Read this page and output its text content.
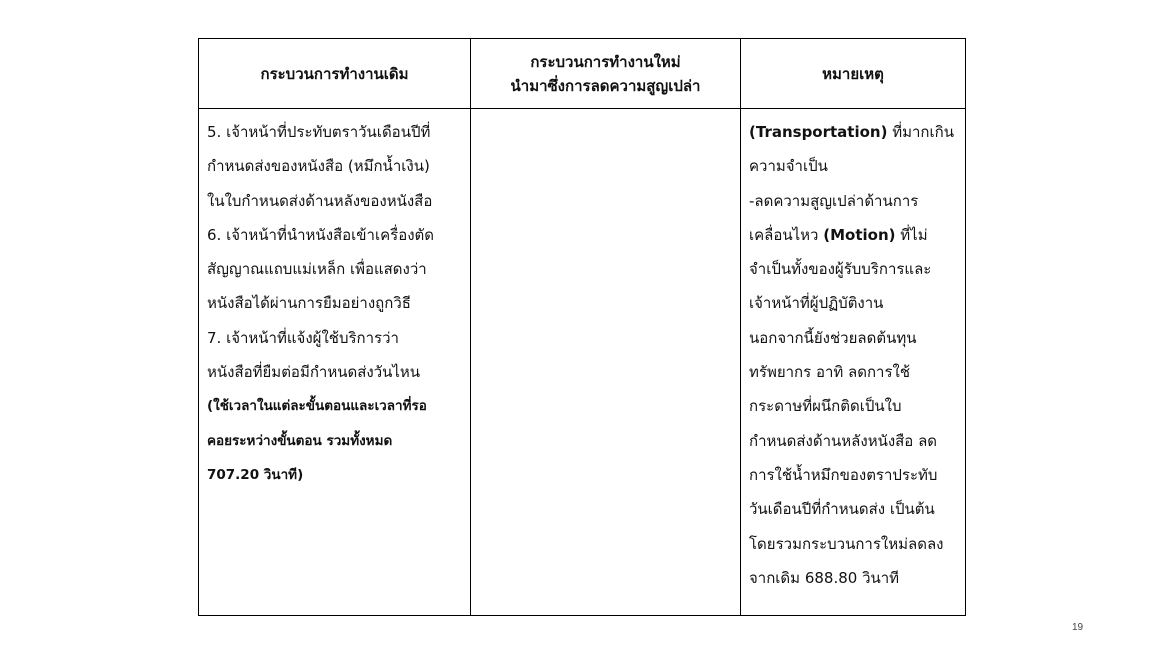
กระบวนการทำงานเดิม
กระบวนการทำงานใหม่
นำมาซึ่งการลดความสูญเปล่า
หมายเหตุ
5. เจ้าหน้าที่ประทับตราวันเดือนปีที่
กำหนดส่งของหนังสือ (หมึกน้ำเงิน)
ในใบกำหนดส่งด้านหลังของหนังสือ
6. เจ้าหน้าที่นำหนังสือเข้าเครื่องตัด
สัญญาณแถบแม่เหล็ก เพื่อแสดงว่า
หนังสือได้ผ่านการยืมอย่างถูกวิธี
7. เจ้าหน้าที่แจ้งผู้ใช้บริการว่า
หนังสือที่ยืมต่อมีกำหนดส่งวันไหน
(ใช้เวลาในแต่ละขั้นตอนและเวลาที่รอ
คอยระหว่างขั้นตอน รวมทั้งหมด
707.20 วินาที)
(Transportation) ที่มากเกิน
ความจำเป็น
-ลดความสูญเปล่าด้านการ
เคลื่อนไหว (Motion) ที่ไม่
จำเป็นทั้งของผู้รับบริการและ
เจ้าหน้าที่ผู้ปฏิบัติงาน
นอกจากนี้ยังช่วยลดต้นทุน
ทรัพยากร อาทิ ลดการใช้
กระดาษที่ผนึกติดเป็นใบ
กำหนดส่งด้านหลังหนังสือ ลด
การใช้น้ำหมึกของตราประทับ
วันเดือนปีที่กำหนดส่ง เป็นต้น
โดยรวมกระบวนการใหม่ลดลง
จากเดิม 688.80 วินาที
19
